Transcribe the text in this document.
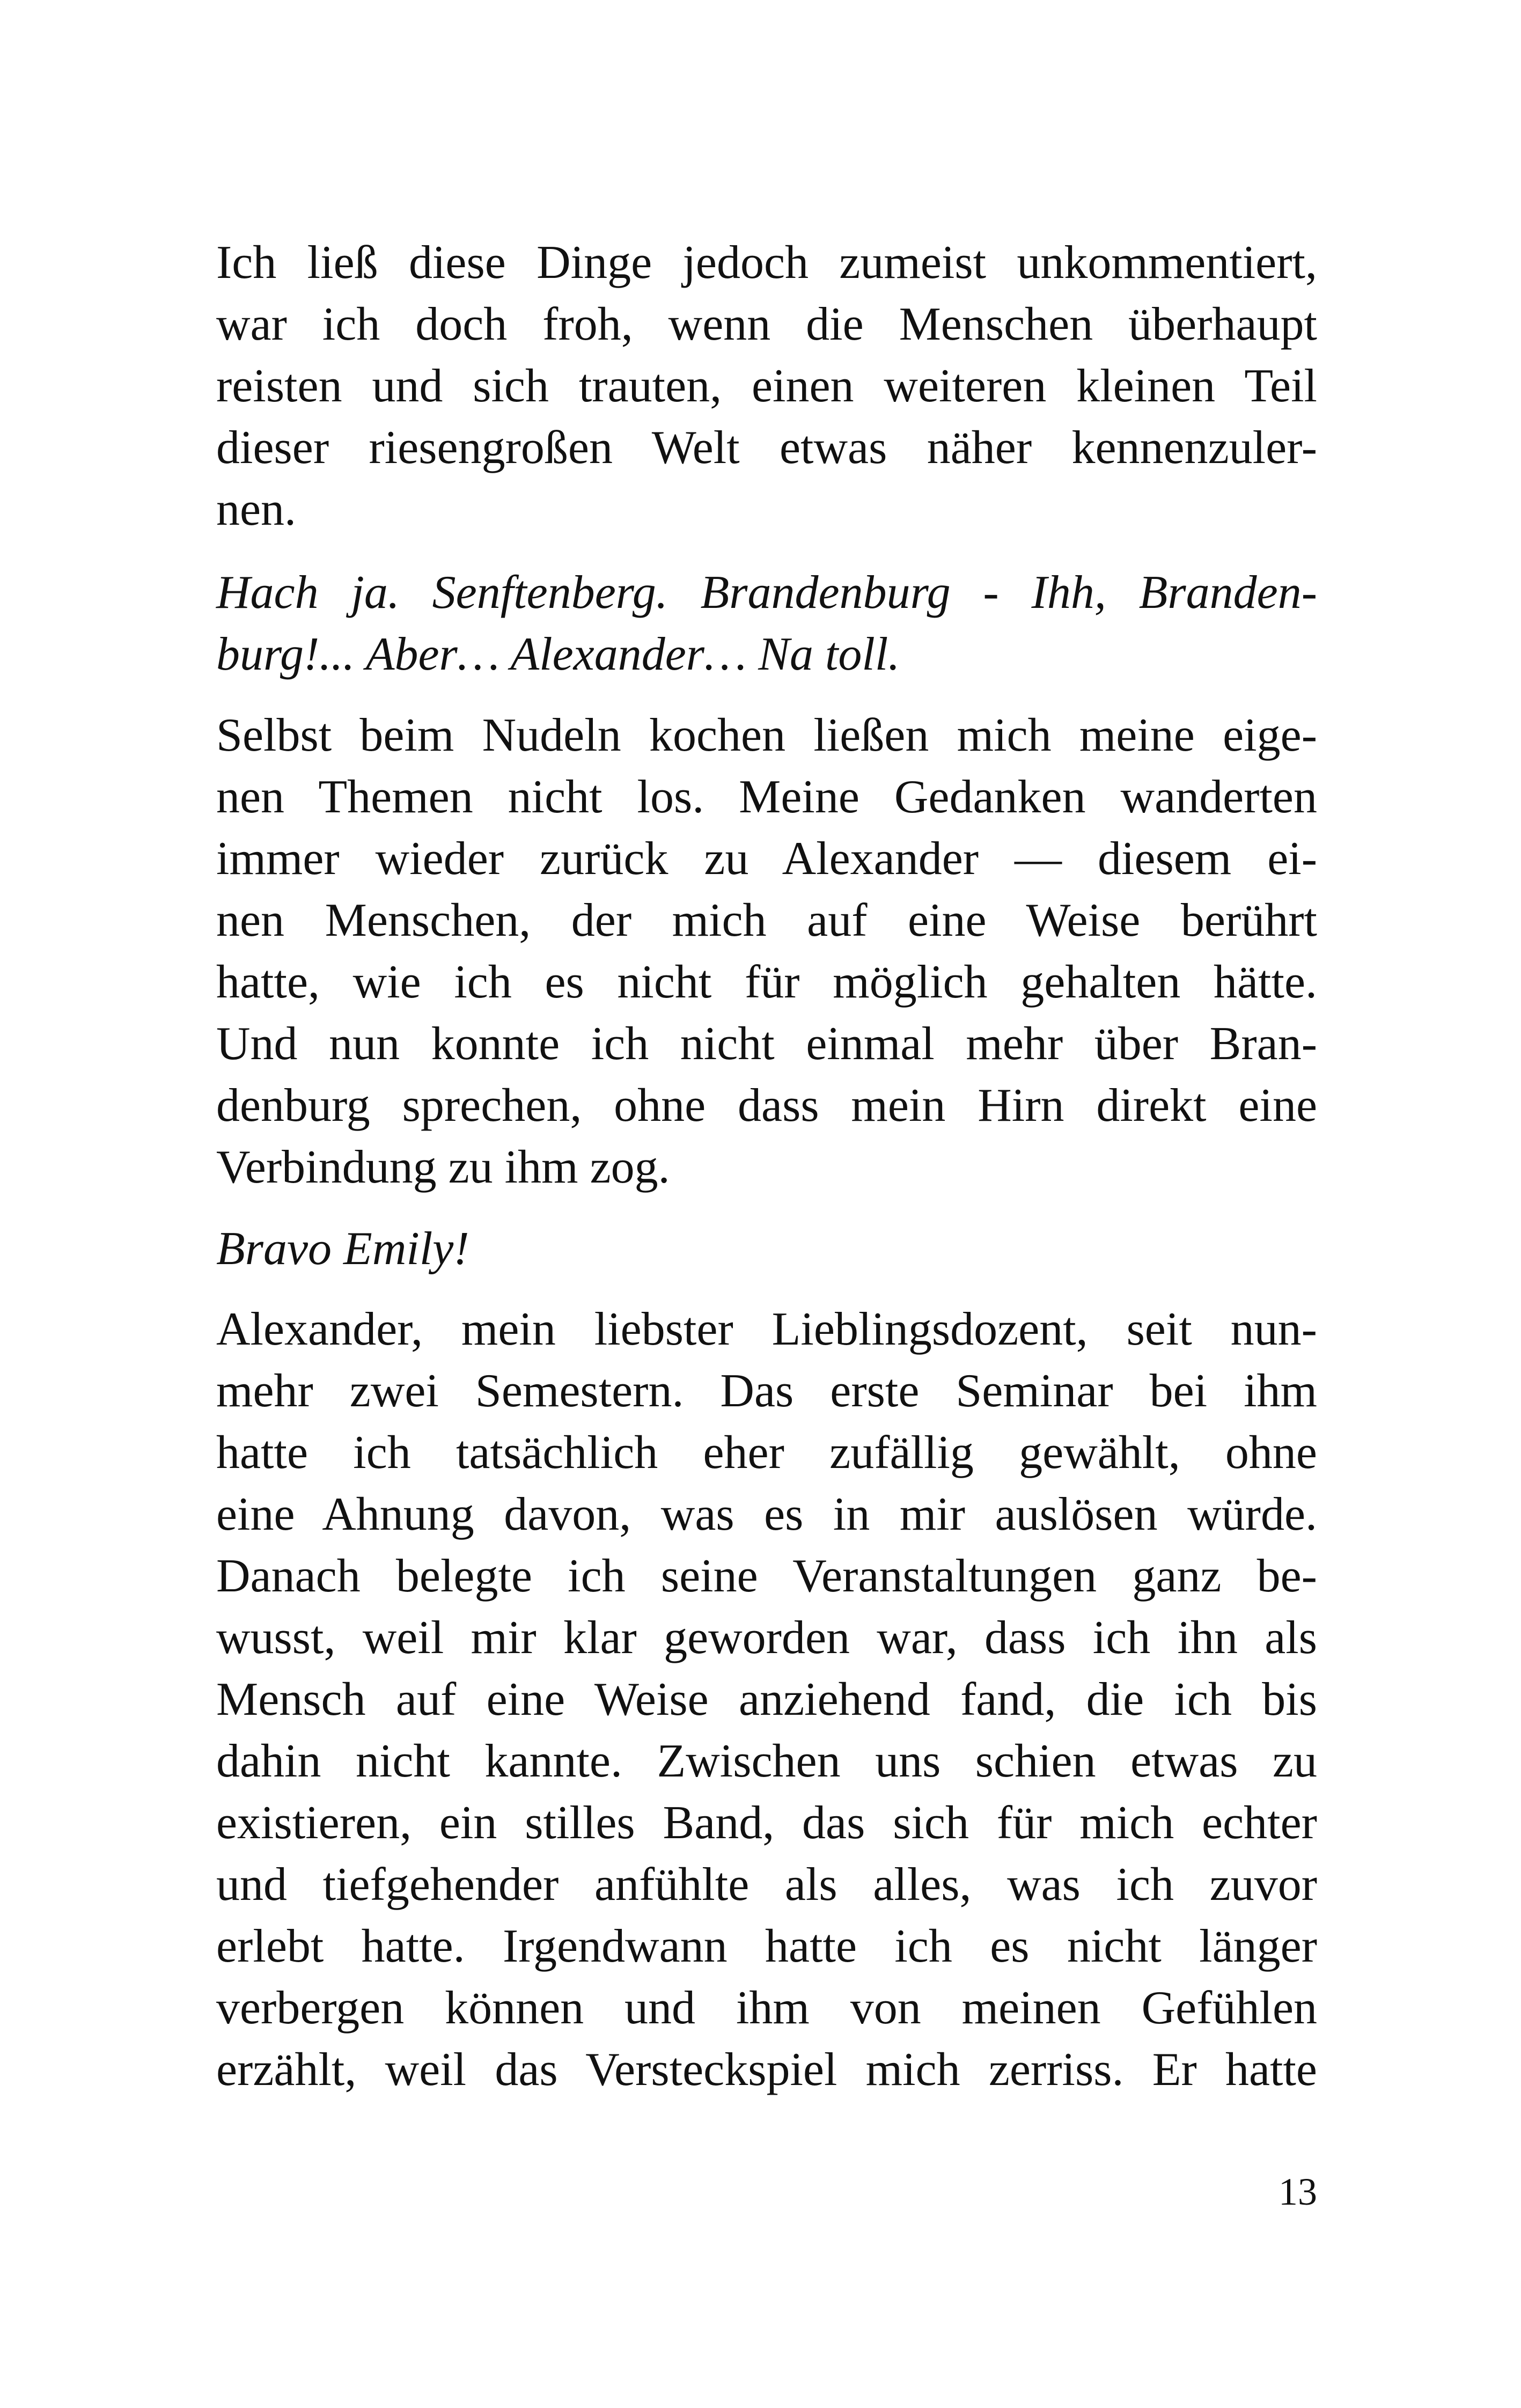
Ich ließ diese Dinge jedoch zumeist unkommentiert,
war ich doch froh, wenn die Menschen überhaupt
reisten und sich trauten, einen weiteren kleinen Teil
dieser riesengroßen Welt etwas näher kennenzuler-
nen.
Hach ja. Senftenberg. Brandenburg - Ihh, Branden-
burg!... Aber… Alexander… Na toll.
Selbst beim Nudeln kochen ließen mich meine eige-
nen Themen nicht los. Meine Gedanken wanderten
immer wieder zurück zu Alexander — diesem ei-
nen Menschen, der mich auf eine Weise berührt
hatte, wie ich es nicht für möglich gehalten hätte.
Und nun konnte ich nicht einmal mehr über Bran-
denburg sprechen, ohne dass mein Hirn direkt eine
Verbindung zu ihm zog.
Bravo Emily!
Alexander, mein liebster Lieblingsdozent, seit nun-
mehr zwei Semestern. Das erste Seminar bei ihm
hatte ich tatsächlich eher zufällig gewählt, ohne
eine Ahnung davon, was es in mir auslösen würde.
Danach belegte ich seine Veranstaltungen ganz be-
wusst, weil mir klar geworden war, dass ich ihn als
Mensch auf eine Weise anziehend fand, die ich bis
dahin nicht kannte. Zwischen uns schien etwas zu
existieren, ein stilles Band, das sich für mich echter
und tiefgehender anfühlte als alles, was ich zuvor
erlebt hatte. Irgendwann hatte ich es nicht länger
verbergen können und ihm von meinen Gefühlen
erzählt, weil das Versteckspiel mich zerriss. Er hatte
13
